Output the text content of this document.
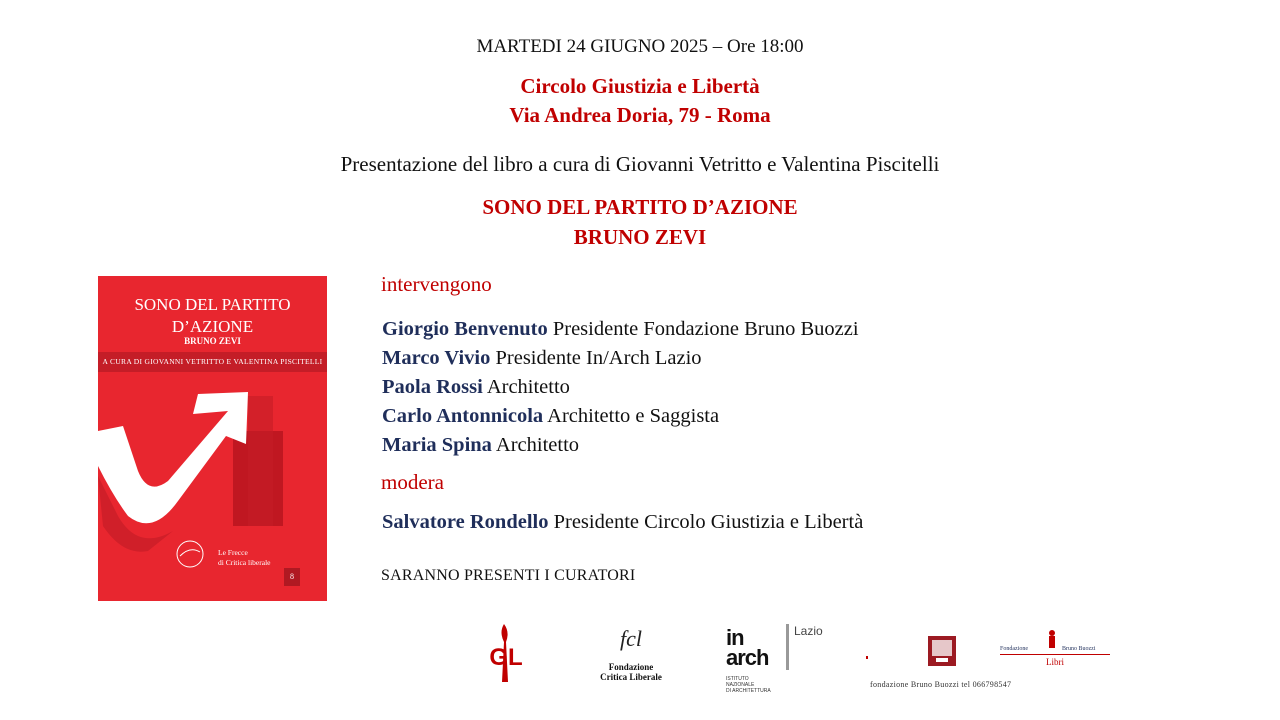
MARTEDI 24 GIUGNO 2025 – Ore 18:00
Circolo Giustizia e Libertà
Via Andrea Doria, 79 - Roma
Presentazione del libro a cura di Giovanni Vetritto e Valentina Piscitelli
SONO DEL PARTITO D’AZIONE
BRUNO ZEVI
SONO DEL PARTITO
D’AZIONE
BRUNO ZEVI
A CURA DI GIOVANNI VETRITTO E VALENTINA PISCITELLI
Le Frecce
di Critica liberale
8
intervengono
Giorgio Benvenuto Presidente Fondazione Bruno Buozzi
Marco Vivio Presidente In/Arch Lazio
Paola Rossi Architetto
Carlo Antonnicola Architetto e Saggista
Maria Spina Architetto
modera
Salvatore Rondello Presidente Circolo Giustizia e Libertà
SARANNO PRESENTI I CURATORI
GL
fcl
Fondazione
Critica Liberale
in arch
Lazio
ISTITUTO
NAZIONALE
DI ARCHITETTURA
Fondazione	Bruno Buozzi
Libri
fondazione Bruno Buozzi tel 066798547
